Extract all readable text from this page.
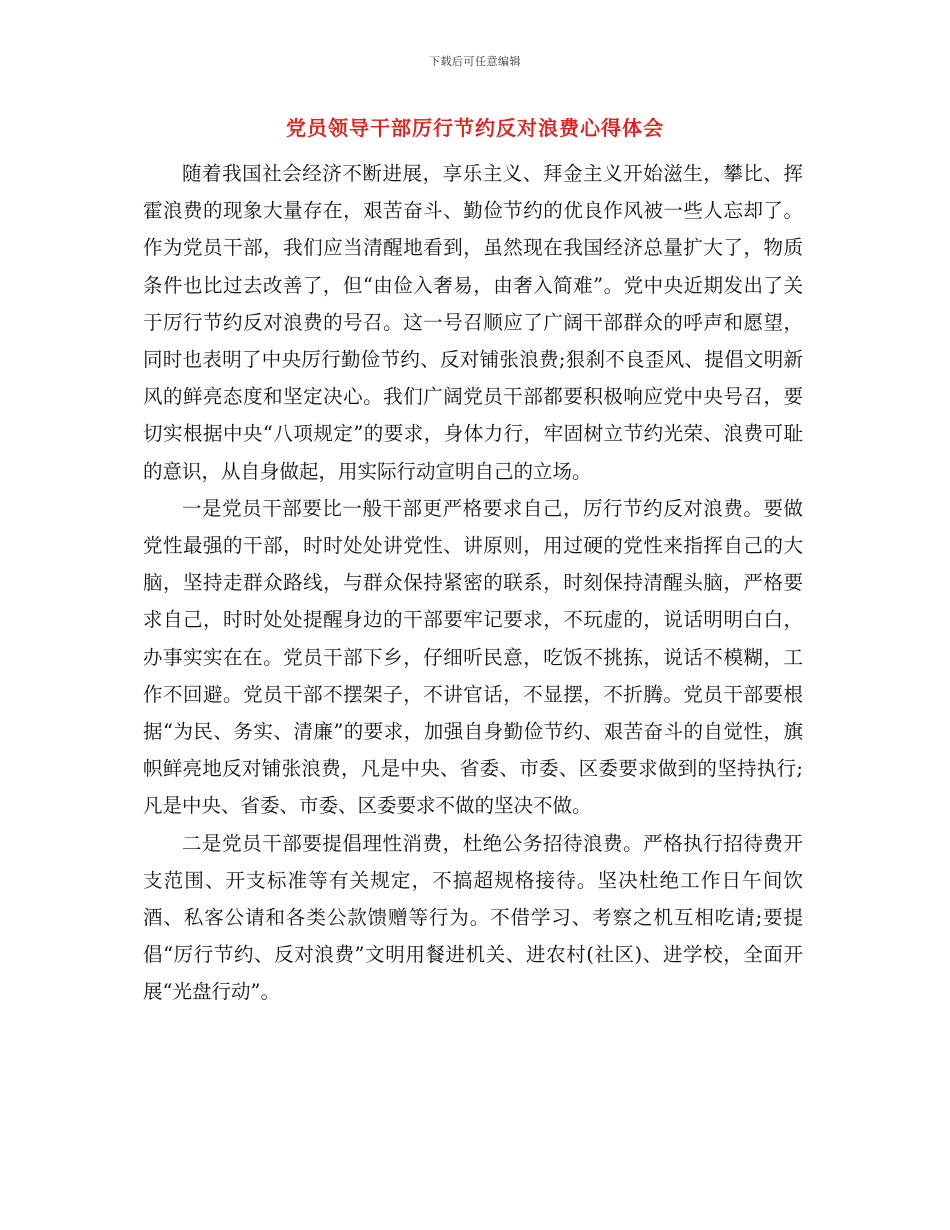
下载后可任意编辑
党员领导干部厉行节约反对浪费心得体会

随着我国社会经济不断进展，享乐主义、拜金主义开始滋生，攀比、挥霍浪费的现象大量存在，艰苦奋斗、勤俭节约的优良作风被一些人忘却了。作为党员干部，我们应当清醒地看到，虽然现在我国经济总量扩大了，物质条件也比过去改善了，但“由俭入奢易，由奢入简难”。党中央近期发出了关于厉行节约反对浪费的号召。这一号召顺应了广阔干部群众的呼声和愿望，同时也表明了中央厉行勤俭节约、反对铺张浪费;狠刹不良歪风、提倡文明新风的鲜亮态度和坚定决心。我们广阔党员干部都要积极响应党中央号召，要切实根据中央“八项规定”的要求，身体力行，牢固树立节约光荣、浪费可耻的意识，从自身做起，用实际行动宣明自己的立场。

一是党员干部要比一般干部更严格要求自己，厉行节约反对浪费。要做党性最强的干部，时时处处讲党性、讲原则，用过硬的党性来指挥自己的大脑，坚持走群众路线，与群众保持紧密的联系，时刻保持清醒头脑，严格要求自己，时时处处提醒身边的干部要牢记要求，不玩虚的，说话明明白白，办事实实在在。党员干部下乡，仔细听民意，吃饭不挑拣，说话不模糊，工作不回避。党员干部不摆架子，不讲官话，不显摆，不折腾。党员干部要根据“为民、务实、清廉”的要求，加强自身勤俭节约、艰苦奋斗的自觉性，旗帜鲜亮地反对铺张浪费，凡是中央、省委、市委、区委要求做到的坚持执行;凡是中央、省委、市委、区委要求不做的坚决不做。

二是党员干部要提倡理性消费，杜绝公务招待浪费。严格执行招待费开支范围、开支标准等有关规定，不搞超规格接待。坚决杜绝工作日午间饮酒、私客公请和各类公款馈赠等行为。不借学习、考察之机互相吃请;要提倡“厉行节约、反对浪费”文明用餐进机关、进农村(社区)、进学校，全面开展“光盘行动”。
